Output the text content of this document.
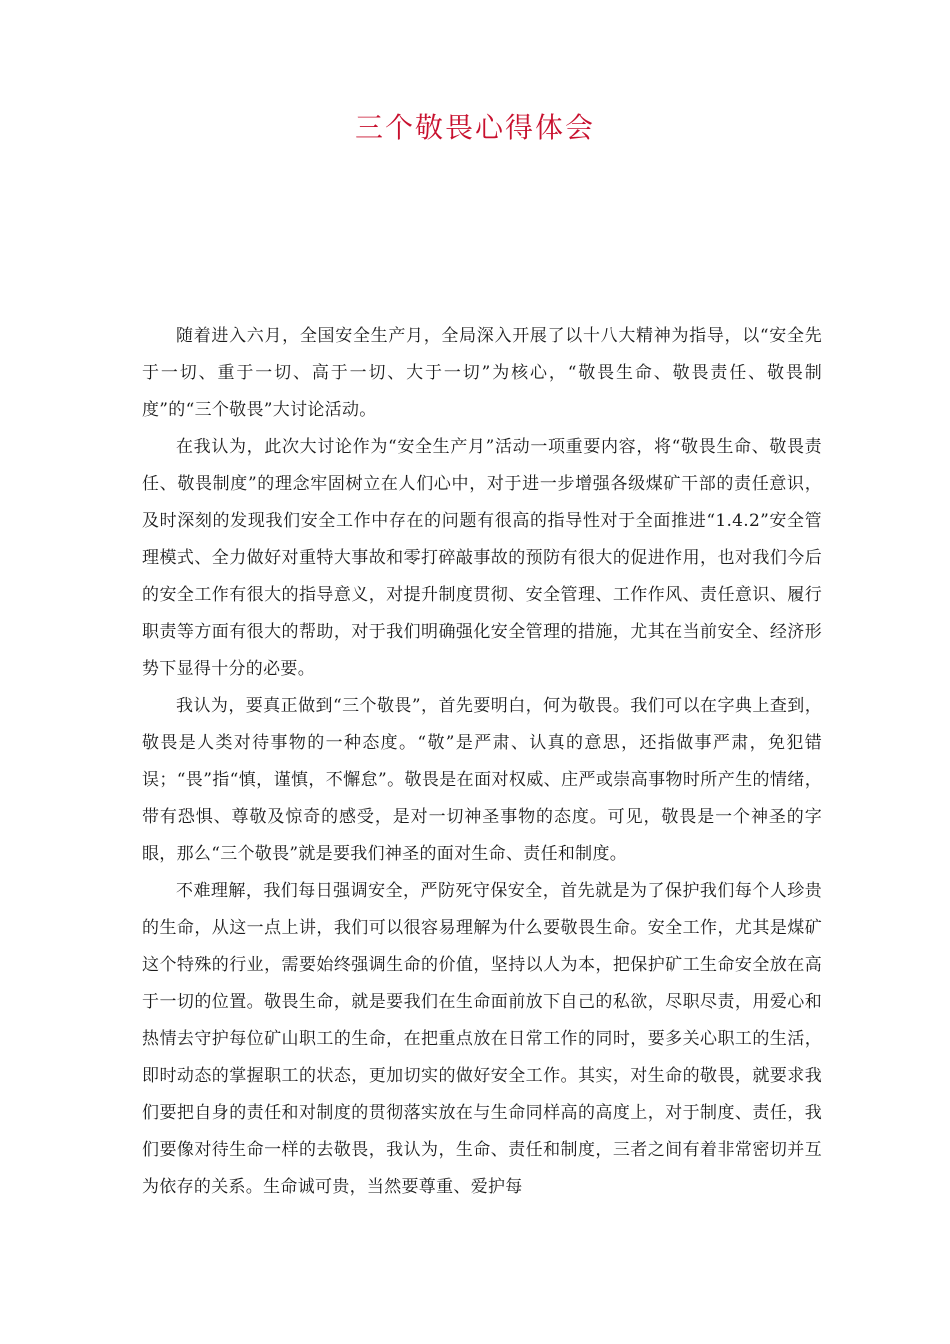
三个敬畏心得体会

随着进入六月，全国安全生产月，全局深入开展了以十八大精神为指导，以“安全先于一切、重于一切、高于一切、大于一切”为核心，“敬畏生命、敬畏责任、敬畏制度”的“三个敬畏”大讨论活动。

在我认为，此次大讨论作为“安全生产月”活动一项重要内容，将“敬畏生命、敬畏责任、敬畏制度”的理念牢固树立在人们心中，对于进一步增强各级煤矿干部的责任意识，及时深刻的发现我们安全工作中存在的问题有很高的指导性对于全面推进“1.4.2”安全管理模式、全力做好对重特大事故和零打碎敲事故的预防有很大的促进作用，也对我们今后的安全工作有很大的指导意义，对提升制度贯彻、安全管理、工作作风、责任意识、履行职责等方面有很大的帮助，对于我们明确强化安全管理的措施，尤其在当前安全、经济形势下显得十分的必要。

我认为，要真正做到“三个敬畏”，首先要明白，何为敬畏。我们可以在字典上查到，敬畏是人类对待事物的一种态度。“敬”是严肃、认真的意思，还指做事严肃，免犯错误；“畏”指“慎，谨慎，不懈怠”。敬畏是在面对权威、庄严或崇高事物时所产生的情绪，带有恐惧、尊敬及惊奇的感受，是对一切神圣事物的态度。可见，敬畏是一个神圣的字眼，那么“三个敬畏”就是要我们神圣的面对生命、责任和制度。

不难理解，我们每日强调安全，严防死守保安全，首先就是为了保护我们每个人珍贵的生命，从这一点上讲，我们可以很容易理解为什么要敬畏生命。安全工作，尤其是煤矿这个特殊的行业，需要始终强调生命的价值，坚持以人为本，把保护矿工生命安全放在高于一切的位置。敬畏生命，就是要我们在生命面前放下自己的私欲，尽职尽责，用爱心和热情去守护每位矿山职工的生命，在把重点放在日常工作的同时，要多关心职工的生活，即时动态的掌握职工的状态，更加切实的做好安全工作。其实，对生命的敬畏，就要求我们要把自身的责任和对制度的贯彻落实放在与生命同样高的高度上，对于制度、责任，我们要像对待生命一样的去敬畏，我认为，生命、责任和制度，三者之间有着非常密切并互为依存的关系。生命诚可贵，当然要尊重、爱护每
